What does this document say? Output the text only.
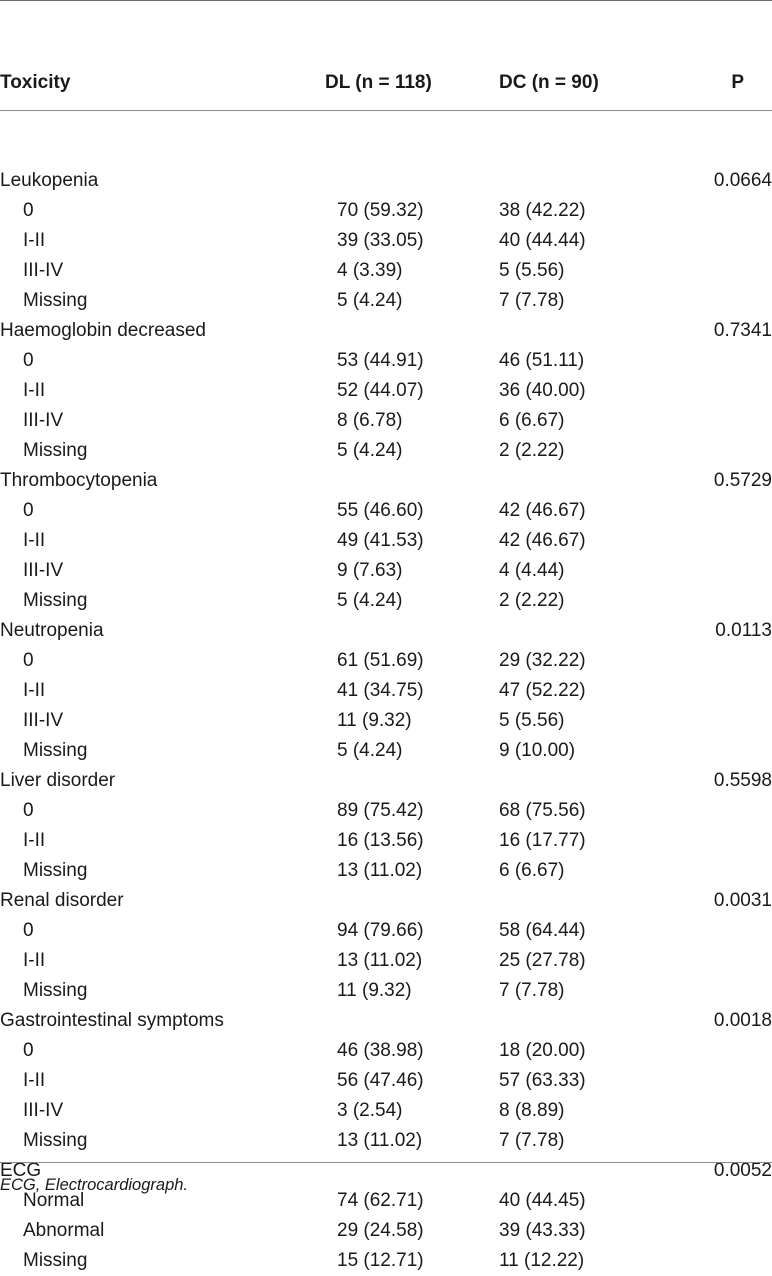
Toxicity	DL (n = 118)	DC (n = 90)	P

Leukopenia			0.0664
0	70 (59.32)	38 (42.22)	
I-II	39 (33.05)	40 (44.44)	
III-IV	4 (3.39)	5 (5.56)	
Missing	5 (4.24)	7 (7.78)	
Haemoglobin decreased			0.7341
0	53 (44.91)	46 (51.11)	
I-II	52 (44.07)	36 (40.00)	
III-IV	8 (6.78)	6 (6.67)	
Missing	5 (4.24)	2 (2.22)	
Thrombocytopenia			0.5729
0	55 (46.60)	42 (46.67)	
I-II	49 (41.53)	42 (46.67)	
III-IV	9 (7.63)	4 (4.44)	
Missing	5 (4.24)	2 (2.22)	
Neutropenia			0.0113
0	61 (51.69)	29 (32.22)	
I-II	41 (34.75)	47 (52.22)	
III-IV	11 (9.32)	5 (5.56)	
Missing	5 (4.24)	9 (10.00)	
Liver disorder			0.5598
0	89 (75.42)	68 (75.56)	
I-II	16 (13.56)	16 (17.77)	
Missing	13 (11.02)	6 (6.67)	
Renal disorder			0.0031
0	94 (79.66)	58 (64.44)	
I-II	13 (11.02)	25 (27.78)	
Missing	11 (9.32)	7 (7.78)	
Gastrointestinal symptoms			0.0018
0	46 (38.98)	18 (20.00)	
I-II	56 (47.46)	57 (63.33)	
III-IV	3 (2.54)	8 (8.89)	
Missing	13 (11.02)	7 (7.78)	
ECG			0.0052
Normal	74 (62.71)	40 (44.45)	
Abnormal	29 (24.58)	39 (43.33)	
Missing	15 (12.71)	11 (12.22)	
ECG, Electrocardiograph.
